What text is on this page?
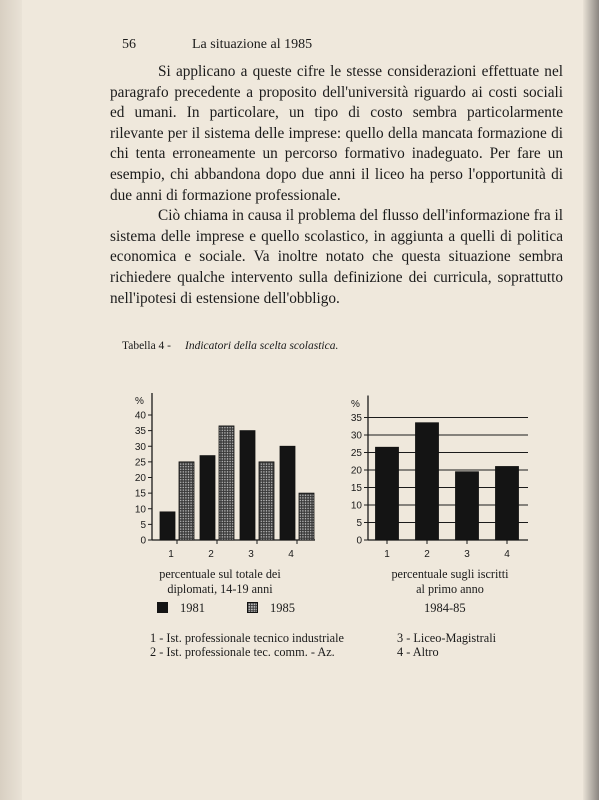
56	La situazione al 1985

Si applicano a queste cifre le stesse considerazioni effettuate nel paragrafo precedente a proposito dell'università riguardo ai costi sociali ed umani. In particolare, un tipo di costo sembra particolarmente rilevante per il sistema delle imprese: quello della mancata formazione di chi tenta erroneamente un percorso formativo inadeguato. Per fare un esempio, chi abbandona dopo due anni il liceo ha perso l'opportunità di due anni di formazione professionale.

Ciò chiama in causa il problema del flusso dell'informazione fra il sistema delle imprese e quello scolastico, in aggiunta a quelli di politica economica e sociale. Va inoltre notato che questa situazione sembra richiedere qualche intervento sulla definizione dei curricula, soprattutto nell'ipotesi di estensione dell'obbligo.

Tabella 4 - Indicatori della scelta scolastica.
0
5
10
15
20
25
30
35
40
%
1	2	3	4
0
5
10
15
20
25
30
35
%
1	2	3	4
percentuale sul totale dei
diplomati, 14-19 anni
percentuale sugli iscritti
al primo anno
1981	1985	1984-85
1 - Ist. professionale tecnico industriale
2 - Ist. professionale tec. comm. - Az.
3 - Liceo-Magistrali
4 - Altro
